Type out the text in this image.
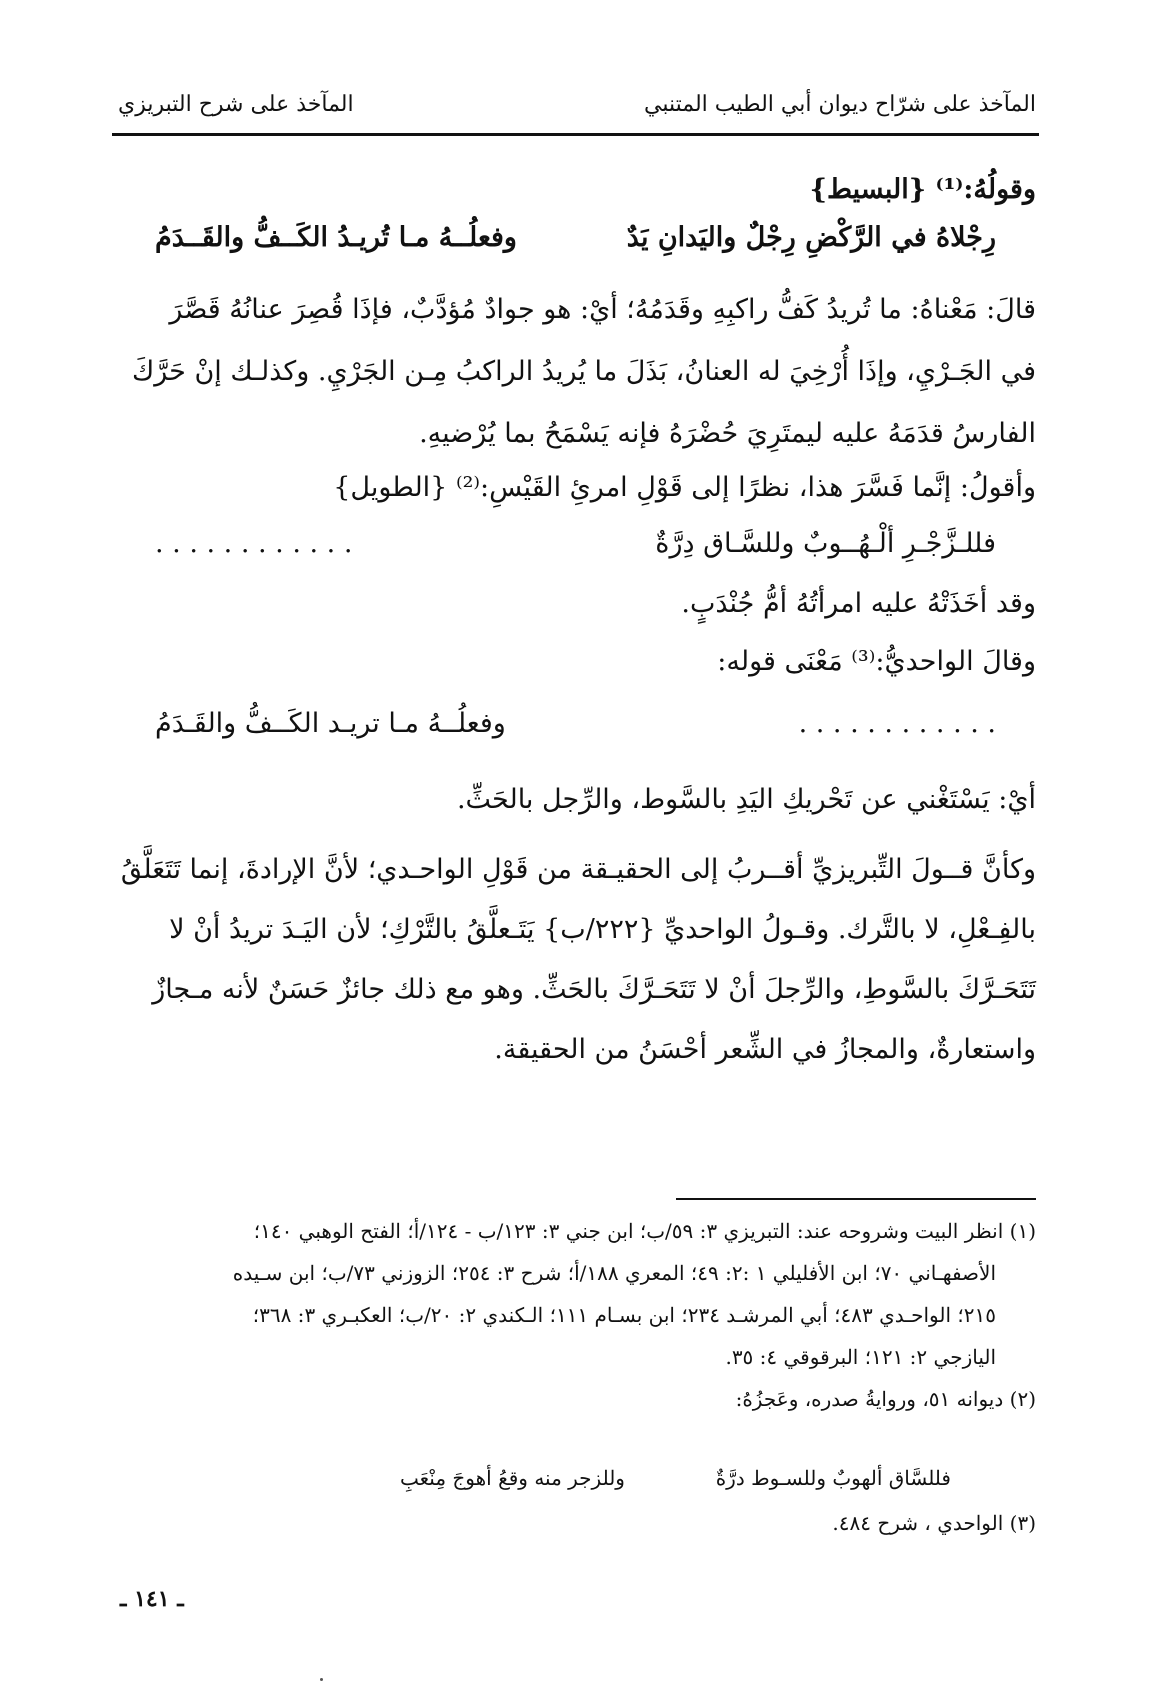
المآخذ على شرّاح ديوان أبي الطيب المتنبي
المآخذ على شرح التبريزي
وقولُهُ:⁽¹⁾ {البسيط}
رِجْلاهُ في الرَّكْضِ رِجْلٌ واليَدانِ يَدٌ
وفعلُــهُ مـا تُريـدُ الكَــفُّ والقَــدَمُ
قالَ: مَعْناهُ: ما تُريدُ كَفُّ راكبِهِ وقَدَمُهُ؛ أيْ: هو جوادٌ مُؤدَّبٌ، فإذَا قُصِرَ عنانُهُ قَصَّرَ
في الجَـرْيِ، وإذَا أُرْخِيَ له العنانُ، بَذَلَ ما يُريدُ الراكبُ مِـن الجَرْيِ. وكذلـك إنْ حَرَّكَ
الفارسُ قدَمَهُ عليه ليمتَرِيَ حُضْرَهُ فإنه يَسْمَحُ بما يُرْضيهِ.
وأقولُ: إنَّما فَسَّرَ هذا، نظرًا إلى قَوْلِ امرئِ القَيْسِ:⁽²⁾ {الطويل}
فللـزَّجْـرِ ألْـهُــوبٌ وللسَّـاق دِرَّةٌ
. . . . . . . . . . . .
وقد أخَذَتْهُ عليه امرأتُهُ أمُّ جُنْدَبٍ.
وقالَ الواحديُّ:⁽³⁾ مَعْنَى قوله:
. . . . . . . . . . . .
وفعلُــهُ مـا تريـد الكَــفُّ والقَـدَمُ
أيْ: يَسْتَغْني عن تَحْريكِ اليَدِ بالسَّوط، والرِّجل بالحَثِّ.
وكأنَّ قــولَ التِّبريزيِّ أقــربُ إلى الحقيـقة من قَوْلِ الواحـدي؛ لأنَّ الإرادةَ، إنما تَتَعَلَّقُ
بالفِـعْلِ، لا بالتَّرك. وقـولُ الواحديِّ {٢٢٢/ب} يَتَـعلَّقُ بالتَّرْكِ؛ لأن اليَـدَ تريدُ أنْ لا
تَتَحَـرَّكَ بالسَّوطِ، والرِّجلَ أنْ لا تَتَحَـرَّكَ بالحَثِّ. وهو مع ذلك جائزٌ حَسَنٌ لأنه مـجازٌ
واستعارةٌ، والمجازُ في الشِّعر أحْسَنُ من الحقيقة.
(١) انظر البيت وشروحه عند: التبريزي ٣: ٥٩/ب؛ ابن جني ٣: ١٢٣/ب - ١٢٤/أ؛ الفتح الوهبي ١٤٠؛
الأصفهـاني ٧٠؛ ابن الأفليلي ١ :٢: ٤٩؛ المعري ١٨٨/أ؛ شرح ٣: ٢٥٤؛ الزوزني ٧٣/ب؛ ابن سـيده
٢١٥؛ الواحـدي ٤٨٣؛ أبي المرشـد ٢٣٤؛ ابن بسـام ١١١؛ الـكندي ٢: ٢٠/ب؛ العكبـري ٣: ٣٦٨؛
اليازجي ٢: ١٢١؛ البرقوقي ٤: ٣٥.
(٢) ديوانه ٥١، وروايةُ صدره، وعَجزُهُ:
فللسَّاق ألهوبٌ وللسـوط درَّةٌ
وللزجر منه وقعُ أهوجَ مِنْعَبِ
(٣) الواحدي ، شرح ٤٨٤.
ـ ١٤١ ـ
